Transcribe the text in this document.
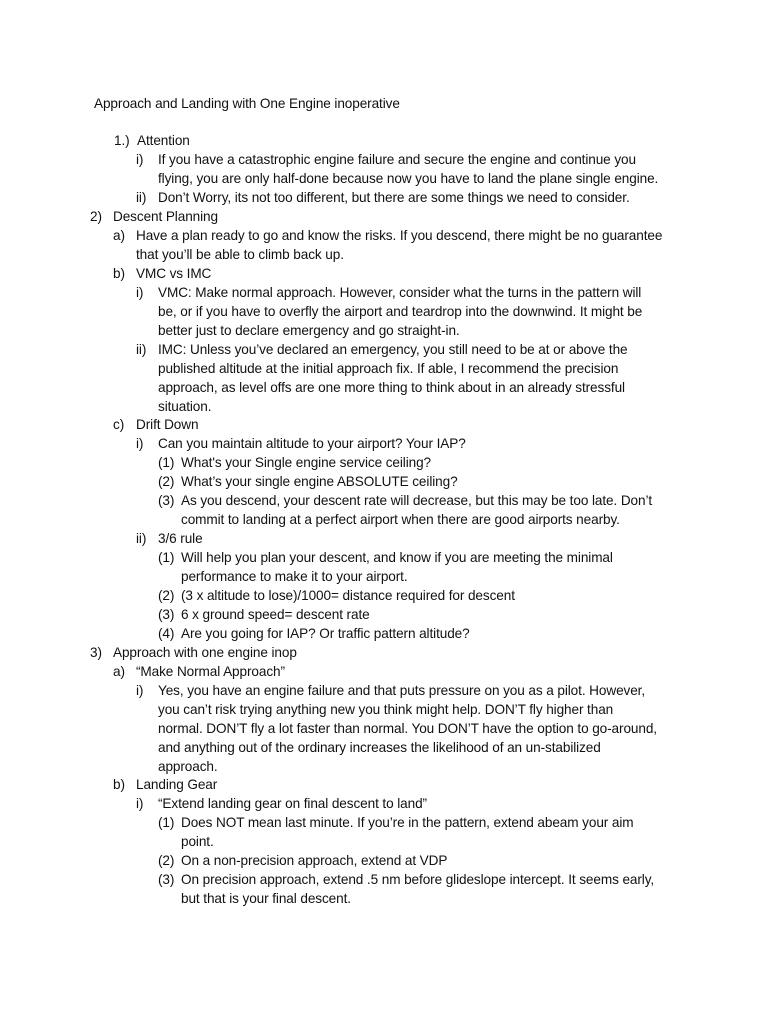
Approach and Landing with One Engine inoperative
1.) Attention
i) If you have a catastrophic engine failure and secure the engine and continue you
flying, you are only half-done because now you have to land the plane single engine.
ii) Don’t Worry, its not too different, but there are some things we need to consider.
2) Descent Planning
a) Have a plan ready to go and know the risks. If you descend, there might be no guarantee
that you’ll be able to climb back up.
b) VMC vs IMC
i) VMC: Make normal approach. However, consider what the turns in the pattern will
be, or if you have to overfly the airport and teardrop into the downwind. It might be
better just to declare emergency and go straight-in.
ii) IMC: Unless you’ve declared an emergency, you still need to be at or above the
published altitude at the initial approach fix. If able, I recommend the precision
approach, as level offs are one more thing to think about in an already stressful
situation.
c) Drift Down
i) Can you maintain altitude to your airport? Your IAP?
(1) What's your Single engine service ceiling?
(2) What’s your single engine ABSOLUTE ceiling?
(3) As you descend, your descent rate will decrease, but this may be too late. Don’t
commit to landing at a perfect airport when there are good airports nearby.
ii) 3/6 rule
(1) Will help you plan your descent, and know if you are meeting the minimal
performance to make it to your airport.
(2) (3 x altitude to lose)/1000= distance required for descent
(3) 6 x ground speed= descent rate
(4) Are you going for IAP? Or traffic pattern altitude?
3) Approach with one engine inop
a) “Make Normal Approach”
i) Yes, you have an engine failure and that puts pressure on you as a pilot. However,
you can’t risk trying anything new you think might help. DON’T fly higher than
normal. DON’T fly a lot faster than normal. You DON’T have the option to go-around,
and anything out of the ordinary increases the likelihood of an un-stabilized
approach.
b) Landing Gear
i) “Extend landing gear on final descent to land”
(1) Does NOT mean last minute. If you’re in the pattern, extend abeam your aim
point.
(2) On a non-precision approach, extend at VDP
(3) On precision approach, extend .5 nm before glideslope intercept. It seems early,
but that is your final descent.
